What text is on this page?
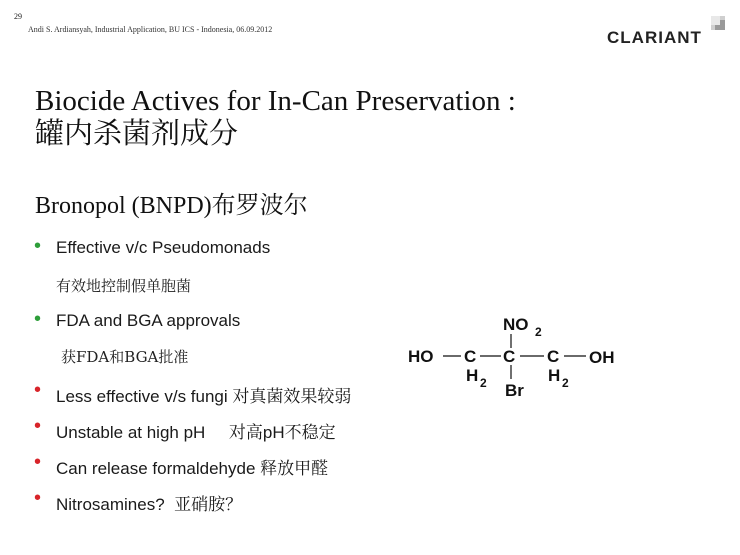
29
Andi S. Ardiansyah, Industrial Application, BU ICS - Indonesia, 06.09.2012	CLARIANT
Biocide Actives for In-Can Preservation :
罐内杀菌剂成分
Bronopol (BNPD)布罗波尔
• Effective v/c Pseudomonads
有效地控制假单胞菌
• FDA and BGA approvals
获FDA和BGA批准
• Less effective v/s fungi 对真菌效果较弱
• Unstable at high pH     对高pH不稳定
• Can release formaldehyde 释放甲醛
• Nitrosamines?  亚硝胺？
NO 2
HO C C C OH
H 2 Br
H 2
